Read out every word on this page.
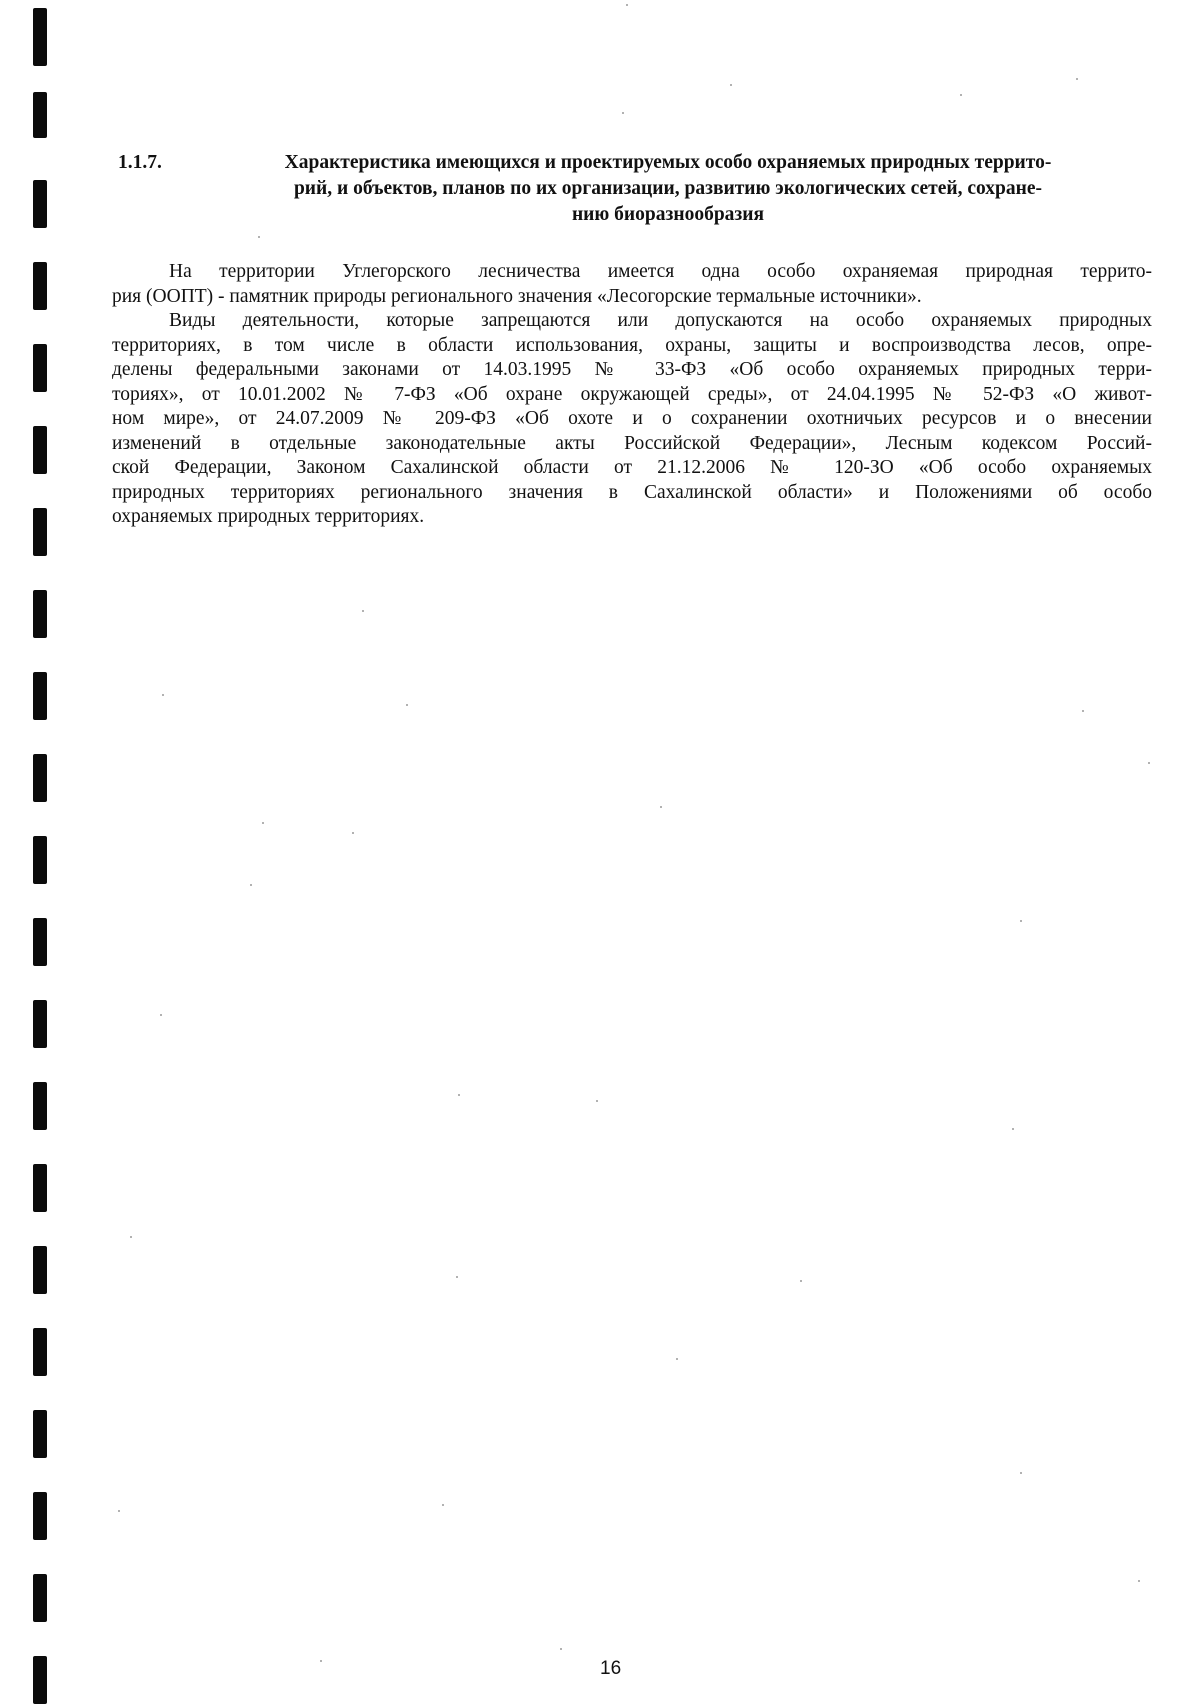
1.1.7.	Характеристика имеющихся и проектируемых особо охраняемых природных террито-
рий, и объектов, планов по их организации, развитию экологических сетей, сохране-
нию биоразнообразия
На территории Углегорского лесничества имеется одна особо охраняемая природная террито-
рия (ООПТ) - памятник природы регионального значения «Лесогорские термальные источники».
Виды деятельности, которые запрещаются или допускаются на особо охраняемых природных
территориях, в том числе в области использования, охраны, защиты и воспроизводства лесов, опре-
делены федеральными законами от 14.03.1995 № 33-ФЗ «Об особо охраняемых природных терри-
ториях», от 10.01.2002 № 7-ФЗ «Об охране окружающей среды», от 24.04.1995 № 52-ФЗ «О живот-
ном мире», от 24.07.2009 № 209-ФЗ «Об охоте и о сохранении охотничьих ресурсов и о внесении
изменений в отдельные законодательные акты Российской Федерации», Лесным кодексом Россий-
ской Федерации, Законом Сахалинской области от 21.12.2006 № 120-ЗО «Об особо охраняемых
природных территориях регионального значения в Сахалинской области» и Положениями об особо
охраняемых природных территориях.
16
